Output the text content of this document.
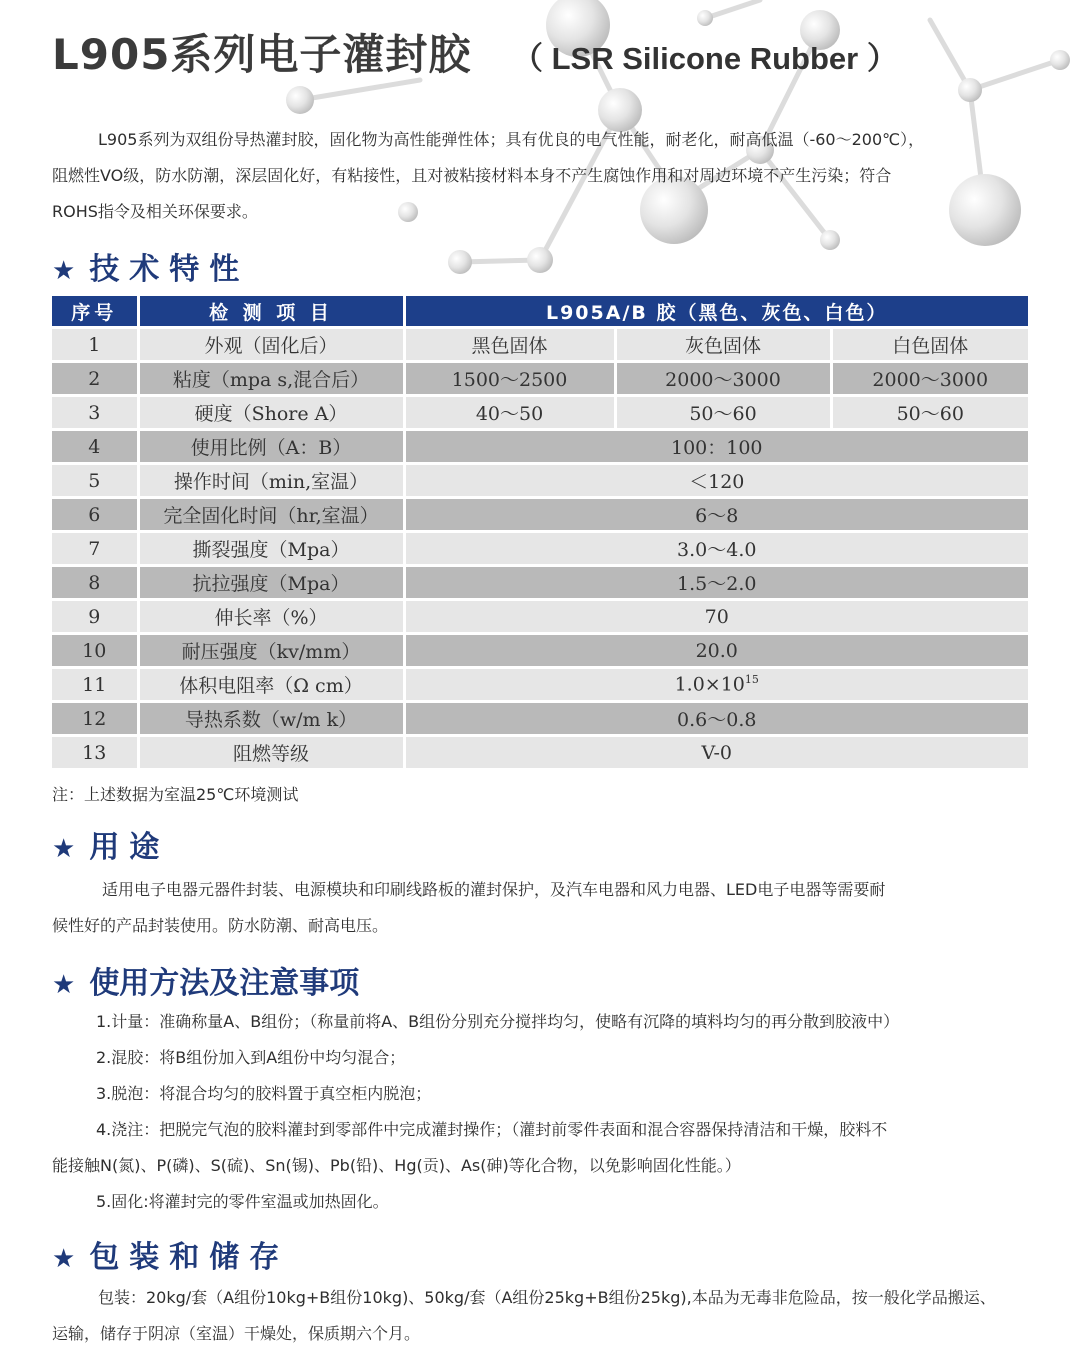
L905系列电子灌封胶 （ LSR Silicone Rubber ）
L905系列为双组份导热灌封胶，固化物为高性能弹性体；具有优良的电气性能，耐老化，耐高低温（-60～200℃），
阻燃性VO级，防水防潮，深层固化好，有粘接性，且对被粘接材料本身不产生腐蚀作用和对周边环境不产生污染；符合
ROHS指令及相关环保要求。
★ 技术特性
序号	检 测 项 目	L905A/B 胶（黑色、灰色、白色）		
1	外观（固化后）	黑色固体	灰色固体	白色固体
2	粘度（mpa s,混合后）	1500～2500	2000～3000	2000～3000
3	硬度（Shore A）	40～50	50～60	50～60
4	使用比例（A：B）	100：100		
5	操作时间（min,室温）	＜120		
6	完全固化时间（hr,室温）	6～8		
7	撕裂强度（Mpa）	3.0～4.0		
8	抗拉强度（Mpa）	1.5～2.0		
9	伸长率（%）	70		
10	耐压强度（kv/mm）	20.0		
11	体积电阻率（Ω cm）	$1.0\times 10^{15}$
12	导热系数（w/m k）	0.6～0.8		
13	阻燃等级	V-0		

注：上述数据为室温25℃环境测试

★ 用途
适用电子电器元器件封装、电源模块和印刷线路板的灌封保护，及汽车电器和风力电器、LED电子电器等需要耐
候性好的产品封装使用。防水防潮、耐高电压。
★ 使用方法及注意事项
1.计量：准确称量A、B组份；（称量前将A、B组份分别充分搅拌均匀，使略有沉降的填料均匀的再分散到胶液中）
2.混胶：将B组份加入到A组份中均匀混合；
3.脱泡：将混合均匀的胶料置于真空柜内脱泡；
4.浇注：把脱完气泡的胶料灌封到零部件中完成灌封操作；（灌封前零件表面和混合容器保持清洁和干燥，胶料不
能接触N(氮)、P(磷)、S(硫)、Sn(锡)、Pb(铅)、Hg(贡)、As(砷)等化合物，以免影响固化性能。）
5.固化:将灌封完的零件室温或加热固化。
★ 包装和储存
包装：20kg/套（A组份10kg+B组份10kg)、50kg/套（A组份25kg+B组份25kg),本品为无毒非危险品，按一般化学品搬运、
运输，储存于阴凉（室温）干燥处，保质期六个月。
